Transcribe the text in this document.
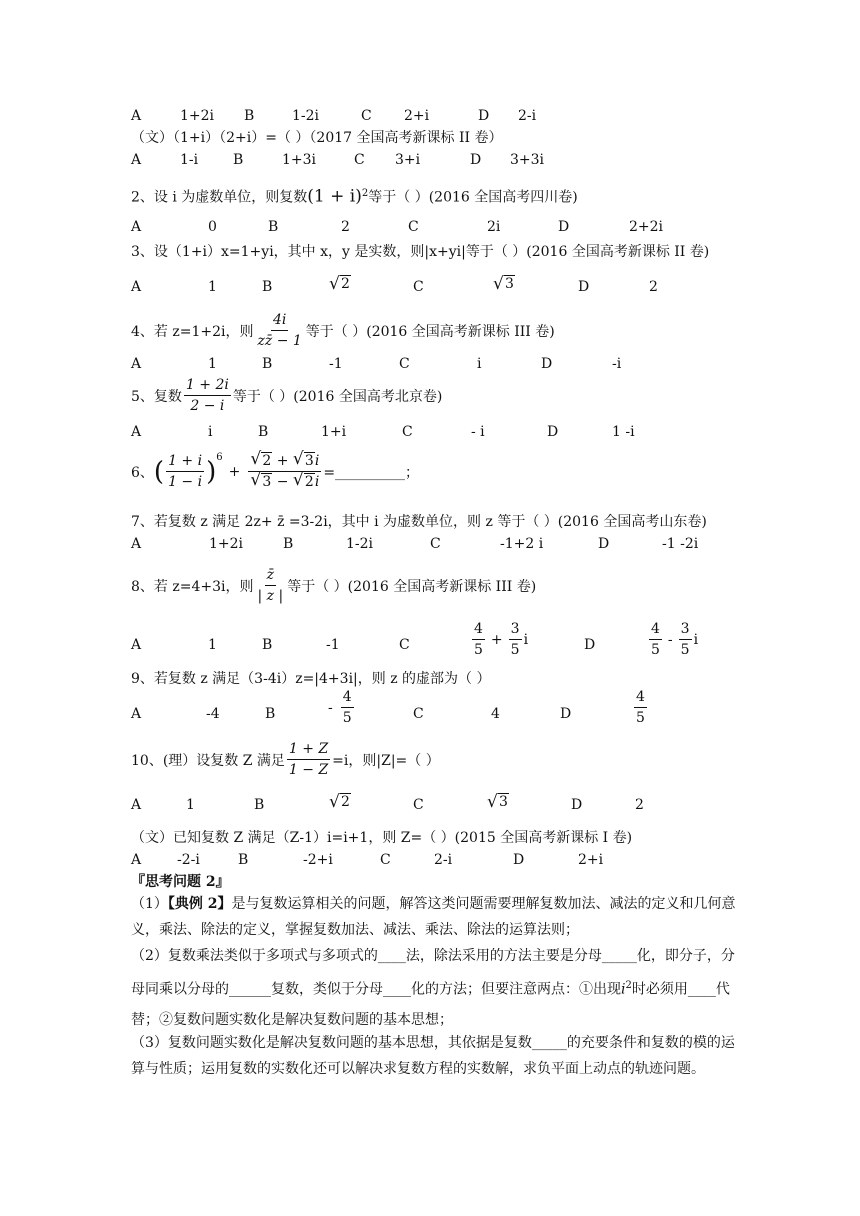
A	1+2i B	1-2i	C 2+i	D 2-i
（文）（1+i）（2+i）=（ ）（2017 全国高考新课标 II 卷）
A	1-i B	1+3i	C 3+i	D 3+3i
2、设 i 为虚数单位，则复数$(1 + i)^2$等于（ ）(2016 全国高考四川卷)
A	0	B	2	C	2i	D	2+2i
3、设（1+i）x=1+yi，其中 x，y 是实数，则|x+yi|等于（ ）(2016 全国高考新课标 II 卷)
A	1	B	√ 2	C	√ 3	D	2
4、若 z=1+2i，则 $\frac{4i}{zz̄ - 1}$ 等于（ ）(2016 全国高考新课标 III 卷)
A	1	B	-1	C	i	D	-i
5、复数 $\frac{1 + 2i}{2 - i}$ 等于（ ）(2016 全国高考北京卷)
A	i	B	1+i	C	- i	D	1 -i
6、 ( $\frac{1 + i}{1 - i} )^6$
+ √ 2 + √ 3i
√ 3 − √ 2i =__________；
7、若复数 z 满足 2z+ z̄ =3-2i，其中 i 为虚数单位，则 z 等于（ ）(2016 全国高考山东卷)
A	1+2i	B	1-2i	C	-1+2 i	D	-1 -2i
8、若 z=4+3i，则 $\frac{z̄}{| z |}$ 等于（ ）(2016 全国高考新课标 III 卷)
A	1	B	-1	C	$\frac{4}{5} + \frac{3}{5}$ i	D	$\frac{4}{5} - \frac{3}{5}$ i
9、若复数 z 满足（3-4i）z=|4+3i|，则 z 的虚部为（ ）
A	-4	B	- $\frac{4}{5}$	C	4	D	$\frac{4}{5}$
10、(理）设复数 Z 满足 $\frac{1 + Z}{1 - Z} =i$，则|Z|=（ ）
A	1	B	√ 2	C	√ 3	D	2
（文）已知复数 Z 满足（Z-1）i=i+1，则 Z=（ ）(2015 全国高考新课标 I 卷)
A	-2-i	B	-2+i	C	2-i	D	2+i
『思考问题 2』
（1）【典例 2】是与复数运算相关的问题，解答这类问题需要理解复数加法、减法的定义和几何意义，乘法、除法的定义，掌握复数加法、减法、乘法、除法的运算法则；
（2）复数乘法类似于多项式与多项式的____法，除法采用的方法主要是分母_____化，即分子，分母同乘以分母的______复数，类似于分母____化的方法；但要注意两点：①出现$i^2$时必须用____代替；②复数问题实数化是解决复数问题的基本思想；
（3）复数问题实数化是解决复数问题的基本思想，其依据是复数_____的充要条件和复数的模的运算与性质；运用复数的实数化还可以解决求复数方程的实数解，求负平面上动点的轨迹问题。
